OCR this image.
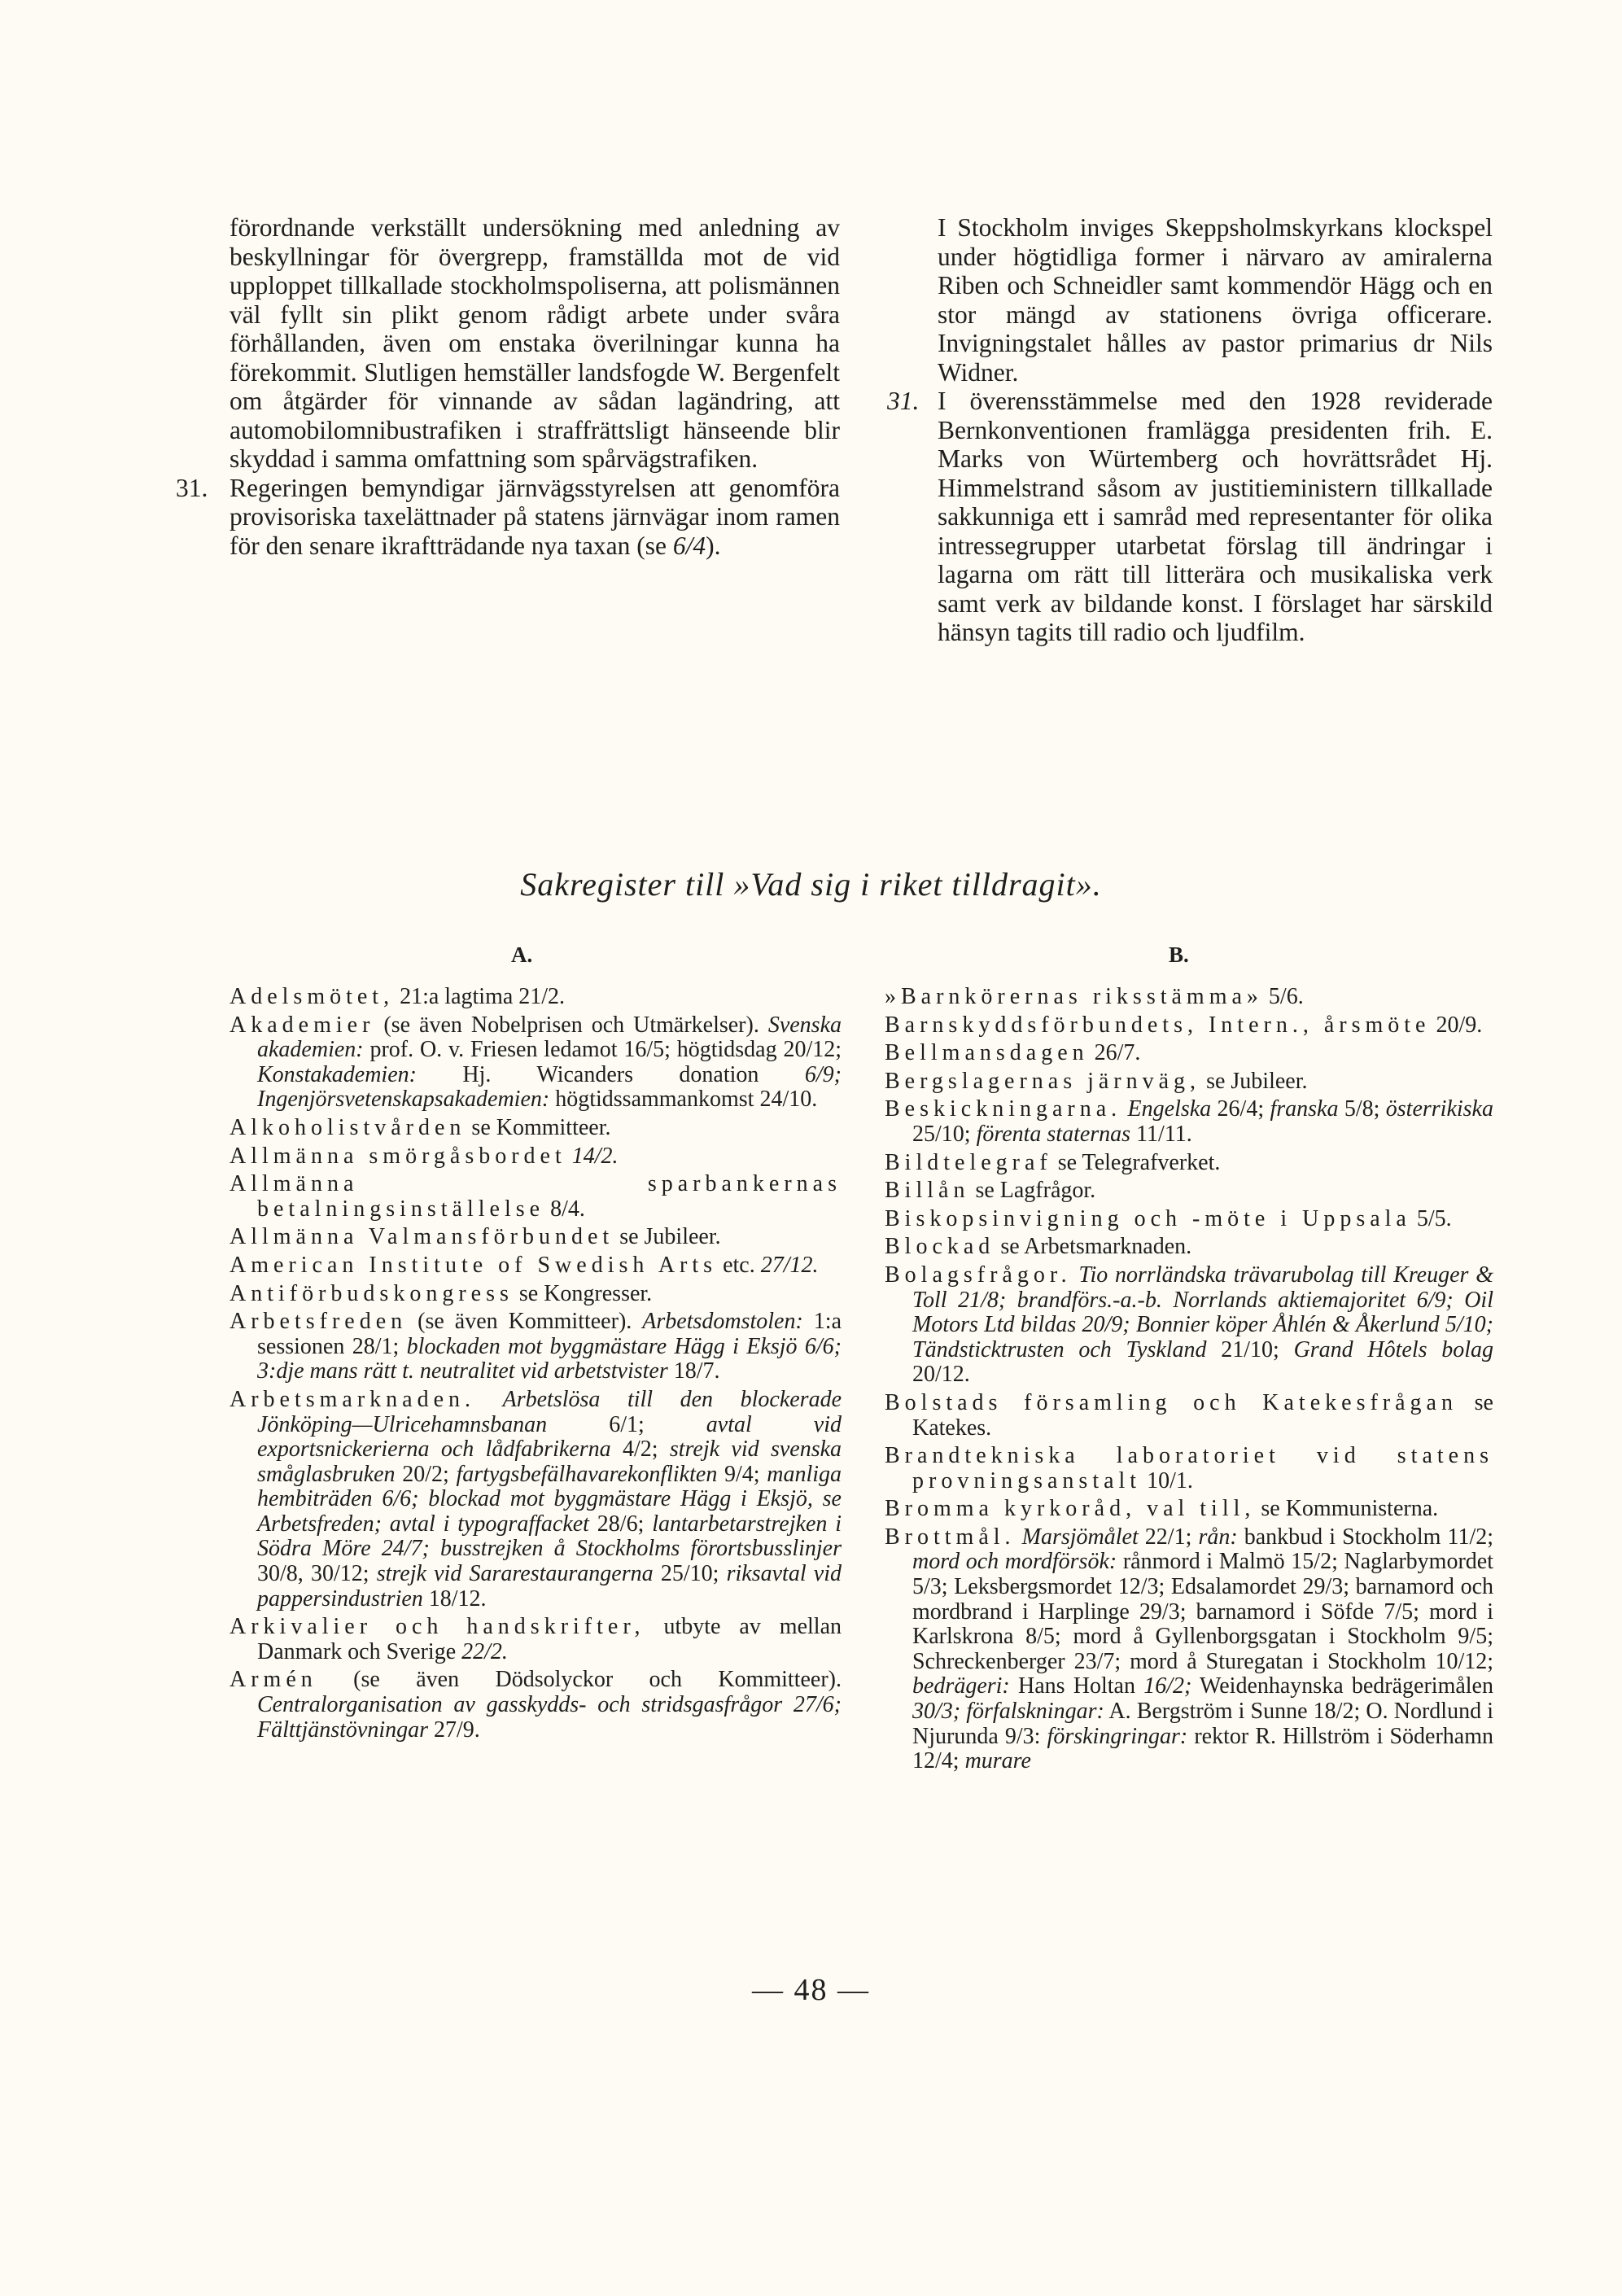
förordnande verkställt undersökning med anledning av beskyllningar för övergrepp, framställda mot de vid upploppet tillkallade stockholmspoliserna, att polismännen väl fyllt sin plikt genom rådigt arbete under svåra förhållanden, även om enstaka överilningar kunna ha förekommit. Slutligen hemställer landsfogde W. Bergenfelt om åtgärder för vinnande av sådan lagändring, att automobilomnibustrafiken i straffrättsligt hänseende blir skyddad i samma omfattning som spårvägstrafiken.

31. Regeringen bemyndigar järnvägsstyrelsen att genomföra provisoriska taxelättnader på statens järnvägar inom ramen för den senare ikraftträdande nya taxan (se 6/4).

I Stockholm inviges Skeppsholmskyrkans klockspel under högtidliga former i närvaro av amiralerna Riben och Schneidler samt kommendör Hägg och en stor mängd av stationens övriga officerare. Invigningstalet hålles av pastor primarius dr Nils Widner.

31. I överensstämmelse med den 1928 reviderade Bernkonventionen framlägga presidenten frih. E. Marks von Würtemberg och hovrättsrådet Hj. Himmelstrand såsom av justitieministern tillkallade sakkunniga ett i samråd med representanter för olika intressegrupper utarbetat förslag till ändringar i lagarna om rätt till litterära och musikaliska verk samt verk av bildande konst. I förslaget har särskild hänsyn tagits till radio och ljudfilm.

Sakregister till »Vad sig i riket tilldragit».
A.	B.

Adelsmötet, 21:a lagtima 21/2.

Akademier (se även Nobelprisen och Utmärkelser). Svenska akademien: prof. O. v. Friesen ledamot 16/5; högtidsdag 20/12; Konstakademien: Hj. Wicanders donation 6/9; Ingenjörsvetenskapsakademien: högtidssammankomst 24/10.

Alkoholistvården se Kommitteer.

Allmänna smörgåsbordet 14/2.

Allmänna sparbankernas betalningsinställelse 8/4.

Allmänna Valmansförbundet se Jubileer.

American Institute of Swedish Arts etc. 27/12.

Antiförbudskongress se Kongresser.

Arbetsfreden (se även Kommitteer). Arbetsdomstolen: 1:a sessionen 28/1; blockaden mot byggmästare Hägg i Eksjö 6/6; 3:dje mans rätt t. neutralitet vid arbetstvister 18/7.

Arbetsmarknaden. Arbetslösa till den blockerade Jönköping—Ulricehamnsbanan 6/1; avtal vid exportsnickerierna och lådfabrikerna 4/2; strejk vid svenska småglasbruken 20/2; fartygsbefälhavarekonflikten 9/4; manliga hembiträden 6/6; blockad mot byggmästare Hägg i Eksjö, se Arbetsfreden; avtal i typograffacket 28/6; lantarbetarstrejken i Södra Möre 24/7; busstrejken å Stockholms förortsbusslinjer 30/8, 30/12; strejk vid Sararestaurangerna 25/10; riksavtal vid pappersindustrien 18/12.

Arkivalier och handskrifter, utbyte av mellan Danmark och Sverige 22/2.

Armén (se även Dödsolyckor och Kommitteer). Centralorganisation av gasskydds- och stridsgasfrågor 27/6; Fälttjänstövningar 27/9.

»Barnkörernas riksstämma» 5/6.

Barnskyddsförbundets, Intern., årsmöte 20/9.

Bellmansdagen 26/7.

Bergslagernas järnväg, se Jubileer.

Beskickningarna. Engelska 26/4; franska 5/8; österrikiska 25/10; förenta staternas 11/11.

Bildtelegraf se Telegrafverket.

Billån se Lagfrågor.

Biskopsinvigning och -möte i Uppsala 5/5.

Blockad se Arbetsmarknaden.

Bolagsfrågor. Tio norrländska trävarubolag till Kreuger & Toll 21/8; brandförs.-a.-b. Norrlands aktiemajoritet 6/9; Oil Motors Ltd bildas 20/9; Bonnier köper Åhlén & Åkerlund 5/10; Tändsticktrusten och Tyskland 21/10; Grand Hôtels bolag 20/12.

Bolstads församling och Katekesfrågan se Katekes.

Brandtekniska laboratoriet vid statens provningsanstalt 10/1.

Bromma kyrkoråd, val till, se Kommunisterna.

Brottmål. Marsjömålet 22/1; rån: bankbud i Stockholm 11/2; mord och mordförsök: rånmord i Malmö 15/2; Naglarbymordet 5/3; Leksbergsmordet 12/3; Edsalamordet 29/3; barnamord och mordbrand i Harplinge 29/3; barnamord i Söfde 7/5; mord i Karlskrona 8/5; mord å Gyllenborgsgatan i Stockholm 9/5; Schreckenberger 23/7; mord å Sturegatan i Stockholm 10/12; bedrägeri: Hans Holtan 16/2; Weidenhaynska bedrägerimålen 30/3; förfalskningar: A. Bergström i Sunne 18/2; O. Nordlund i Njurunda 9/3: förskingringar: rektor R. Hillström i Söderhamn 12/4; murare

— 48 —
